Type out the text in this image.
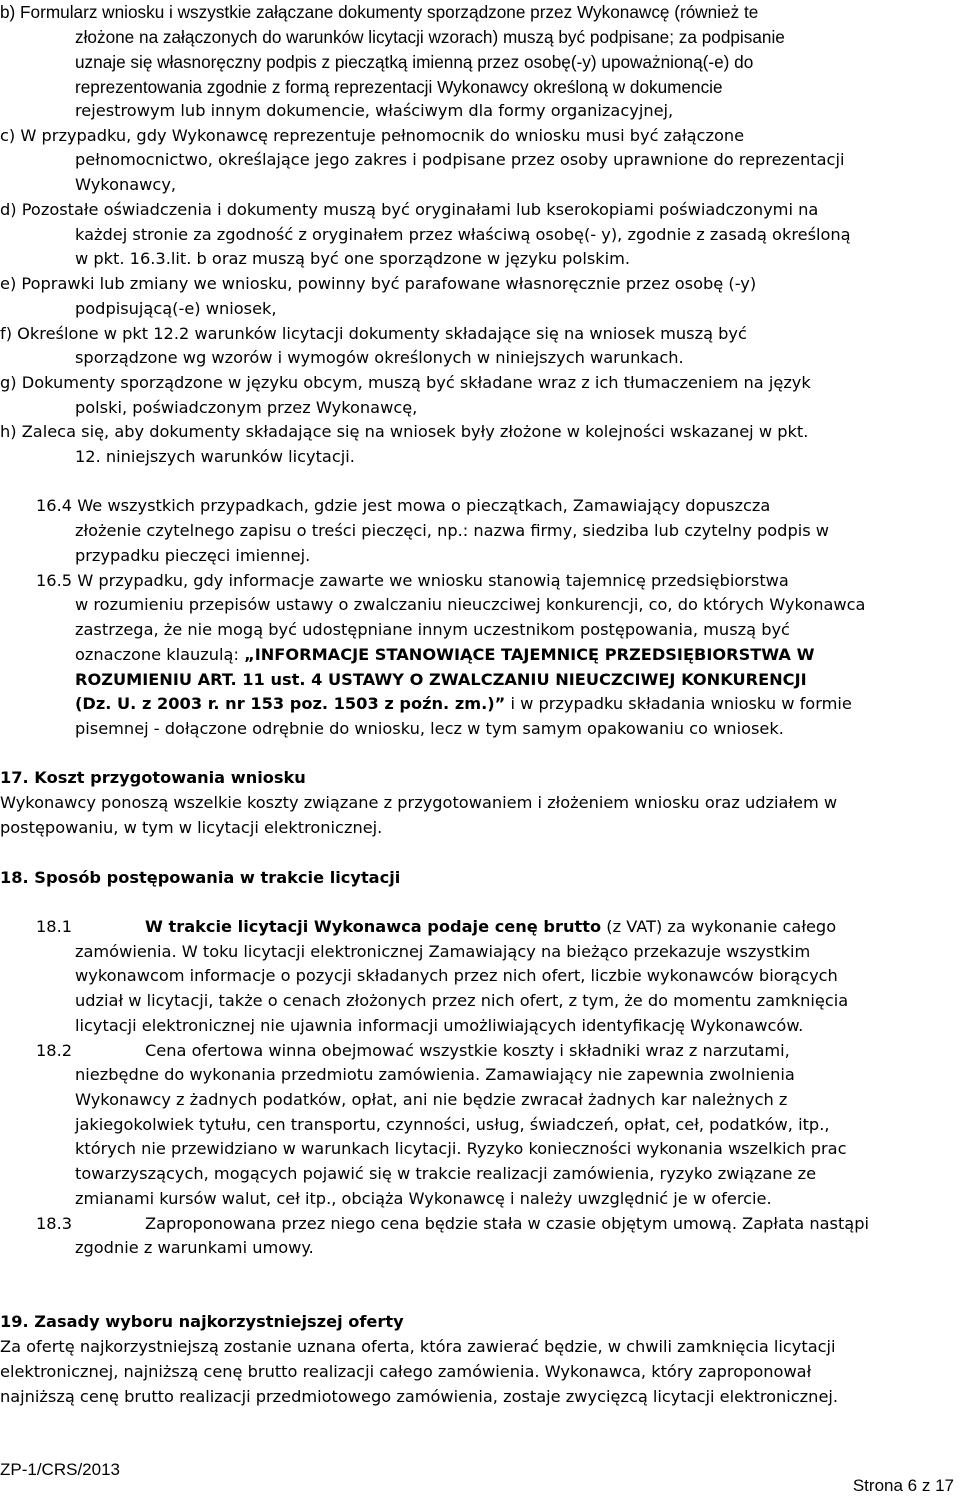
b) Formularz wniosku i wszystkie załączane dokumenty sporządzone przez Wykonawcę (również te
złożone na załączonych do warunków licytacji wzorach) muszą być podpisane; za podpisanie
uznaje się własnoręczny podpis z pieczątką imienną przez osobę(-y) upoważnioną(-e) do
reprezentowania zgodnie z formą reprezentacji Wykonawcy określoną w dokumencie
rejestrowym lub innym dokumencie, właściwym dla formy organizacyjnej,
c) W przypadku, gdy Wykonawcę reprezentuje pełnomocnik do wniosku musi być załączone
pełnomocnictwo, określające jego zakres i podpisane przez osoby uprawnione do reprezentacji
Wykonawcy,
d) Pozostałe oświadczenia i dokumenty muszą być oryginałami lub kserokopiami poświadczonymi na
każdej stronie za zgodność z oryginałem przez właściwą osobę(- y), zgodnie z zasadą określoną
w pkt. 16.3.lit. b oraz muszą być one sporządzone w języku polskim.
e) Poprawki lub zmiany we wniosku, powinny być parafowane własnoręcznie przez osobę (-y)
podpisującą(-e) wniosek,
f) Określone w pkt 12.2 warunków licytacji dokumenty składające się na wniosek muszą być
sporządzone wg wzorów i wymogów określonych w niniejszych warunkach.
g) Dokumenty sporządzone w języku obcym, muszą być składane wraz z ich tłumaczeniem na język
polski, poświadczonym przez Wykonawcę,
h) Zaleca się, aby dokumenty składające się na wniosek były złożone w kolejności wskazanej w pkt.
12. niniejszych warunków licytacji.
16.4 We wszystkich przypadkach, gdzie jest mowa o pieczątkach, Zamawiający dopuszcza
złożenie czytelnego zapisu o treści pieczęci, np.: nazwa firmy, siedziba lub czytelny podpis w
przypadku pieczęci imiennej.
16.5 W przypadku, gdy informacje zawarte we wniosku stanowią tajemnicę przedsiębiorstwa
w rozumieniu przepisów ustawy o zwalczaniu nieuczciwej konkurencji, co, do których Wykonawca
zastrzega, że nie mogą być udostępniane innym uczestnikom postępowania, muszą być
oznaczone klauzulą: „INFORMACJE STANOWIĄCE TAJEMNICĘ PRZEDSIĘBIORSTWA W
ROZUMIENIU ART. 11 ust. 4 USTAWY O ZWALCZANIU NIEUCZCIWEJ KONKURENCJI
(Dz. U. z 2003 r. nr 153 poz. 1503 z poźn. zm.)” i w przypadku składania wniosku w formie
pisemnej - dołączone odrębnie do wniosku, lecz w tym samym opakowaniu co wniosek.
17. Koszt przygotowania wniosku
Wykonawcy ponoszą wszelkie koszty związane z przygotowaniem i złożeniem wniosku oraz udziałem w
postępowaniu, w tym w licytacji elektronicznej.
18. Sposób postępowania w trakcie licytacji
18.1	W trakcie licytacji Wykonawca podaje cenę brutto (z VAT) za wykonanie całego
zamówienia. W toku licytacji elektronicznej Zamawiający na bieżąco przekazuje wszystkim
wykonawcom informacje o pozycji składanych przez nich ofert, liczbie wykonawców biorących
udział w licytacji, także o cenach złożonych przez nich ofert, z tym, że do momentu zamknięcia
licytacji elektronicznej nie ujawnia informacji umożliwiających identyfikację Wykonawców.
18.2	Cena ofertowa winna obejmować wszystkie koszty i składniki wraz z narzutami,
niezbędne do wykonania przedmiotu zamówienia. Zamawiający nie zapewnia zwolnienia
Wykonawcy z żadnych podatków, opłat, ani nie będzie zwracał żadnych kar należnych z
jakiegokolwiek tytułu, cen transportu, czynności, usług, świadczeń, opłat, ceł, podatków, itp.,
których nie przewidziano w warunkach licytacji. Ryzyko konieczności wykonania wszelkich prac
towarzyszących, mogących pojawić się w trakcie realizacji zamówienia, ryzyko związane ze
zmianami kursów walut, ceł itp., obciąża Wykonawcę i należy uwzględnić je w ofercie.
18.3	Zaproponowana przez niego cena będzie stała w czasie objętym umową. Zapłata nastąpi
zgodnie z warunkami umowy.
19. Zasady wyboru najkorzystniejszej oferty
Za ofertę najkorzystniejszą zostanie uznana oferta, która zawierać będzie, w chwili zamknięcia licytacji
elektronicznej, najniższą cenę brutto realizacji całego zamówienia. Wykonawca, który zaproponował
najniższą cenę brutto realizacji przedmiotowego zamówienia, zostaje zwycięzcą licytacji elektronicznej.
ZP-1/CRS/2013
Strona 6 z 17
